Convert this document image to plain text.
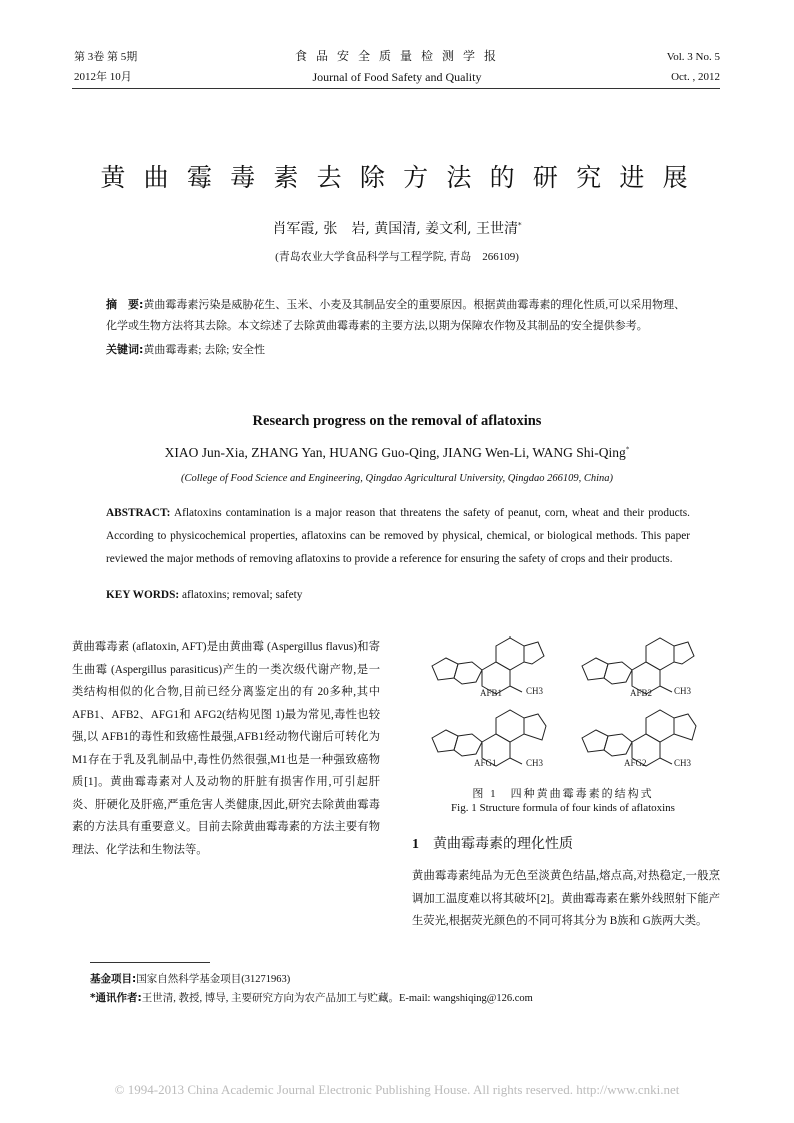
第 3卷 第 5期
2012年 10月
食 品 安 全 质 量 检 测 学 报
Journal of Food Safety and Quality
Vol. 3 No. 5
Oct. , 2012
黄 曲 霉 毒 素 去 除 方 法 的 研 究 进 展
肖军霞, 张　岩, 黄国清, 姜文利, 王世清*
(青岛农业大学食品科学与工程学院, 青岛　266109)
摘　要:黄曲霉毒素污染是威胁花生、玉米、小麦及其制品安全的重要原因。根据黄曲霉毒素的理化性质,可以采用物理、化学或生物方法将其去除。本文综述了去除黄曲霉毒素的主要方法,以期为保障农作物及其制品的安全提供参考。
关键词:黄曲霉毒素; 去除; 安全性
Research progress on the removal of aflatoxins
XIAO Jun-Xia, ZHANG Yan, HUANG Guo-Qing, JIANG Wen-Li, WANG Shi-Qing*
(College of Food Science and Engineering, Qingdao Agricultural University, Qingdao 266109, China)
ABSTRACT: Aflatoxins contamination is a major reason that threatens the safety of peanut, corn, wheat and their products. According to physicochemical properties, aflatoxins can be removed by physical, chemical, or biological methods. This paper reviewed the major methods of removing aflatoxins to provide a reference for ensuring the safety of crops and their products.
KEY WORDS: aflatoxins; removal; safety
黄曲霉毒素 (aflatoxin, AFT)是由黄曲霉 (Aspergillus flavus)和寄生曲霉 (Aspergillus parasiticus)产生的一类次级代谢产物,是一类结构相似的化合物,目前已经分离鉴定出的有 20多种,其中 AFB1、AFB2、AFG1和 AFG2(结构见图 1)最为常见,毒性也较强,以 AFB1的毒性和致癌性最强,AFB1经动物代谢后可转化为 M1存在于乳及乳制品中,毒性仍然很强,M1也是一种强致癌物质[1]。黄曲霉毒素对人及动物的肝脏有损害作用,可引起肝炎、肝硬化及肝癌,严重危害人类健康,因此,研究去除黄曲霉毒素的方法具有重要意义。目前去除黄曲霉毒素的方法主要有物理法、化学法和生物法等。
AFB1	CH3	AFB2 CH3
AFG1	CH3	AFG2	CH3
图 1　四种黄曲霉毒素的结构式
Fig. 1 Structure formula of four kinds of aflatoxins
1 黄曲霉毒素的理化性质
黄曲霉毒素纯品为无色至淡黄色结晶,熔点高,对热稳定,一般烹调加工温度难以将其破坏[2]。黄曲霉毒素在紫外线照射下能产生荧光,根据荧光颜色的不同可将其分为 B族和 G族两大类。
基金项目:国家自然科学基金项目(31271963)
*通讯作者:王世清, 教授, 博导, 主要研究方向为农产品加工与贮藏。E-mail: wangshiqing@126.com
© 1994-2013 China Academic Journal Electronic Publishing House. All rights reserved. http://www.cnki.net
